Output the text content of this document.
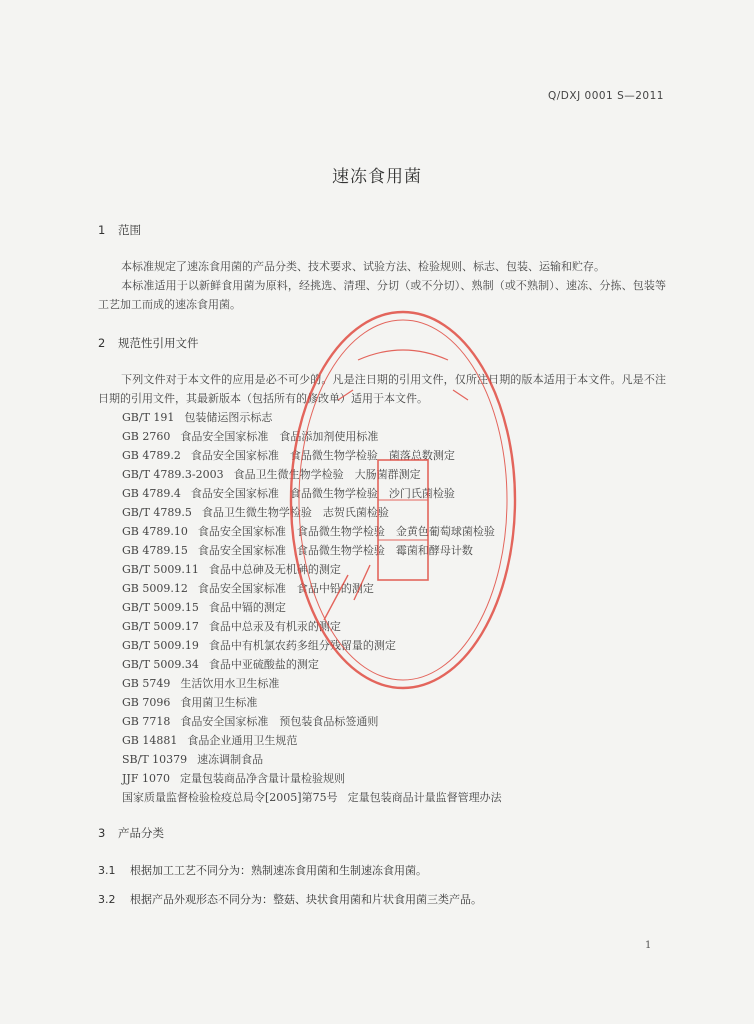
Q/DXJ 0001 S—2011
速冻食用菌
1 范围
本标准规定了速冻食用菌的产品分类、技术要求、试验方法、检验规则、标志、包装、运输和贮存。
本标准适用于以新鲜食用菌为原料，经挑选、清理、分切（或不分切）、熟制（或不熟制）、速冻、分拣、包装等工艺加工而成的速冻食用菌。
2 规范性引用文件
下列文件对于本文件的应用是必不可少的。凡是注日期的引用文件，仅所注日期的版本适用于本文件。凡是不注日期的引用文件，其最新版本（包括所有的修改单）适用于本文件。
GB/T 191 包装储运图示标志
GB 2760 食品安全国家标准　食品添加剂使用标准
GB 4789.2 食品安全国家标准　食品微生物学检验　菌落总数测定
GB/T 4789.3-2003 食品卫生微生物学检验　大肠菌群测定
GB 4789.4 食品安全国家标准　食品微生物学检验　沙门氏菌检验
GB/T 4789.5 食品卫生微生物学检验　志贺氏菌检验
GB 4789.10 食品安全国家标准　食品微生物学检验　金黄色葡萄球菌检验
GB 4789.15 食品安全国家标准　食品微生物学检验　霉菌和酵母计数
GB/T 5009.11 食品中总砷及无机砷的测定
GB 5009.12 食品安全国家标准　食品中铅的测定
GB/T 5009.15 食品中镉的测定
GB/T 5009.17 食品中总汞及有机汞的测定
GB/T 5009.19 食品中有机氯农药多组分残留量的测定
GB/T 5009.34 食品中亚硫酸盐的测定
GB 5749 生活饮用水卫生标准
GB 7096 食用菌卫生标准
GB 7718 食品安全国家标准　预包装食品标签通则
GB 14881 食品企业通用卫生规范
SB/T 10379 速冻调制食品
JJF 1070 定量包装商品净含量计量检验规则
国家质量监督检验检疫总局令[2005]第75号 定量包装商品计量监督管理办法
3 产品分类
3.1 根据加工工艺不同分为：熟制速冻食用菌和生制速冻食用菌。
3.2 根据产品外观形态不同分为：整菇、块状食用菌和片状食用菌三类产品。
1
